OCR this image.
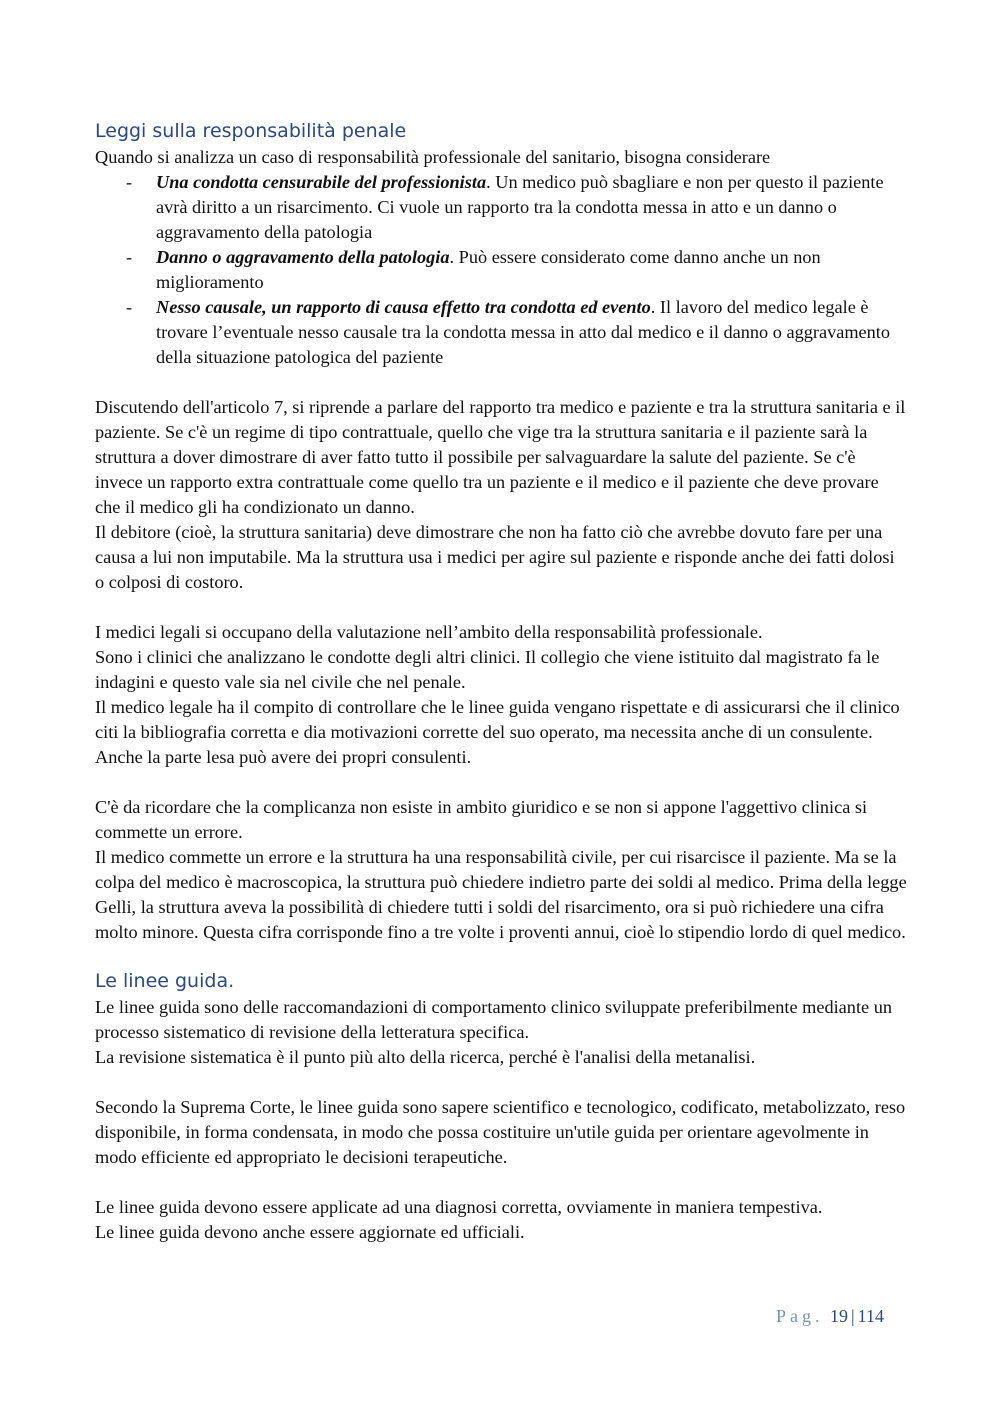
Leggi sulla responsabilità penale

Quando si analizza un caso di responsabilità professionale del sanitario, bisogna considerare

- Una condotta censurabile del professionista. Un medico può sbagliare e non per questo il paziente avrà diritto a un risarcimento. Ci vuole un rapporto tra la condotta messa in atto e un danno o aggravamento della patologia
- Danno o aggravamento della patologia. Può essere considerato come danno anche un non miglioramento
- Nesso causale, un rapporto di causa effetto tra condotta ed evento. Il lavoro del medico legale è trovare l’eventuale nesso causale tra la condotta messa in atto dal medico e il danno o aggravamento della situazione patologica del paziente

Discutendo dell'articolo 7, si riprende a parlare del rapporto tra medico e paziente e tra la struttura sanitaria e il paziente. Se c'è un regime di tipo contrattuale, quello che vige tra la struttura sanitaria e il paziente sarà la struttura a dover dimostrare di aver fatto tutto il possibile per salvaguardare la salute del paziente. Se c'è invece un rapporto extra contrattuale come quello tra un paziente e il medico e il paziente che deve provare che il medico gli ha condizionato un danno.

Il debitore (cioè, la struttura sanitaria) deve dimostrare che non ha fatto ciò che avrebbe dovuto fare per una causa a lui non imputabile. Ma la struttura usa i medici per agire sul paziente e risponde anche dei fatti dolosi o colposi di costoro.

I medici legali si occupano della valutazione nell’ambito della responsabilità professionale.

Sono i clinici che analizzano le condotte degli altri clinici. Il collegio che viene istituito dal magistrato fa le indagini e questo vale sia nel civile che nel penale.

Il medico legale ha il compito di controllare che le linee guida vengano rispettate e di assicurarsi che il clinico citi la bibliografia corretta e dia motivazioni corrette del suo operato, ma necessita anche di un consulente. Anche la parte lesa può avere dei propri consulenti.

C'è da ricordare che la complicanza non esiste in ambito giuridico e se non si appone l'aggettivo clinica si commette un errore.

Il medico commette un errore e la struttura ha una responsabilità civile, per cui risarcisce il paziente. Ma se la colpa del medico è macroscopica, la struttura può chiedere indietro parte dei soldi al medico. Prima della legge Gelli, la struttura aveva la possibilità di chiedere tutti i soldi del risarcimento, ora si può richiedere una cifra molto minore. Questa cifra corrisponde fino a tre volte i proventi annui, cioè lo stipendio lordo di quel medico.

Le linee guida.

Le linee guida sono delle raccomandazioni di comportamento clinico sviluppate preferibilmente mediante un processo sistematico di revisione della letteratura specifica.

La revisione sistematica è il punto più alto della ricerca, perché è l'analisi della metanalisi.

Secondo la Suprema Corte, le linee guida sono sapere scientifico e tecnologico, codificato, metabolizzato, reso disponibile, in forma condensata, in modo che possa costituire un'utile guida per orientare agevolmente in modo efficiente ed appropriato le decisioni terapeutiche.

Le linee guida devono essere applicate ad una diagnosi corretta, ovviamente in maniera tempestiva.

Le linee guida devono anche essere aggiornate ed ufficiali.

Pag. 19 | 114
